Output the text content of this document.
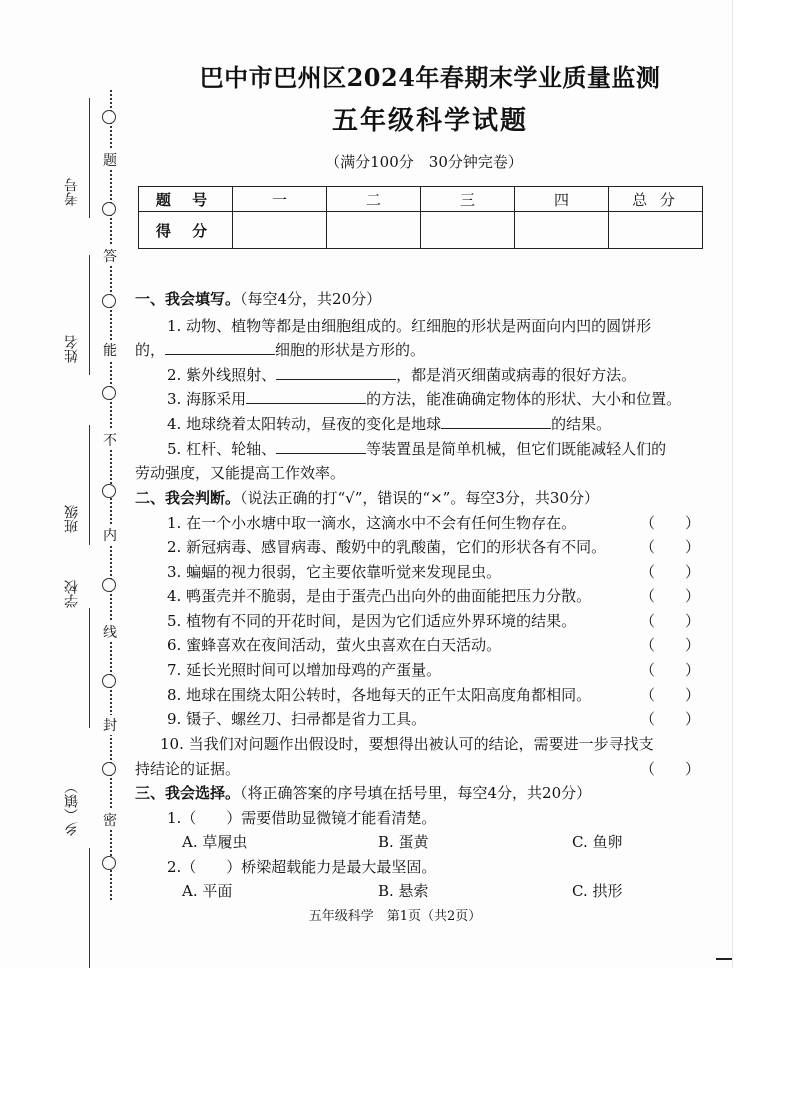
题
答
能
不
内
线
封
密
考号
姓名
班级
学校
乡（镇）
巴中市巴州区2024年春期末学业质量监测
五年级科学试题
（满分100分　30分钟完卷）
题 号	一	二	三	四	总 分
得 分					
一、我会填写。（每空4分，共20分）
1. 动物、植物等都是由细胞组成的。红细胞的形状是两面向内凹的圆饼形
的，	细胞的形状是方形的。
2. 紫外线照射、	，都是消灭细菌或病毒的很好方法。
3. 海豚采用	的方法，能准确确定物体的形状、大小和位置。
4. 地球绕着太阳转动，昼夜的变化是地球	的结果。
5. 杠杆、轮轴、	等装置虽是简单机械，但它们既能减轻人们的
劳动强度，又能提高工作效率。
二、我会判断。（说法正确的打“√”，错误的“×”。每空3分，共30分）
1. 在一个小水塘中取一滴水，这滴水中不会有任何生物存在。	（　　）
2. 新冠病毒、感冒病毒、酸奶中的乳酸菌，它们的形状各有不同。 （　　）
3. 蝙蝠的视力很弱，它主要依靠听觉来发现昆虫。	（　　）
4. 鸭蛋壳并不脆弱，是由于蛋壳凸出向外的曲面能把压力分散。	（　　）
5. 植物有不同的开花时间，是因为它们适应外界环境的结果。	（　　）
6. 蜜蜂喜欢在夜间活动，萤火虫喜欢在白天活动。	（　　）
7. 延长光照时间可以增加母鸡的产蛋量。	（　　）
8. 地球在围绕太阳公转时，各地每天的正午太阳高度角都相同。	（　　）
9. 镊子、螺丝刀、扫帚都是省力工具。	（　　）
10. 当我们对问题作出假设时，要想得出被认可的结论，需要进一步寻找支
持结论的证据。	（　　）
三、我会选择。（将正确答案的序号填在括号里，每空4分，共20分）
1.（　　）需要借助显微镜才能看清楚。
A. 草履虫	B. 蛋黄	C. 鱼卵
2.（　　）桥梁超载能力是最大最坚固。
A. 平面	B. 悬索	C. 拱形
五年级科学　第1页（共2页）
